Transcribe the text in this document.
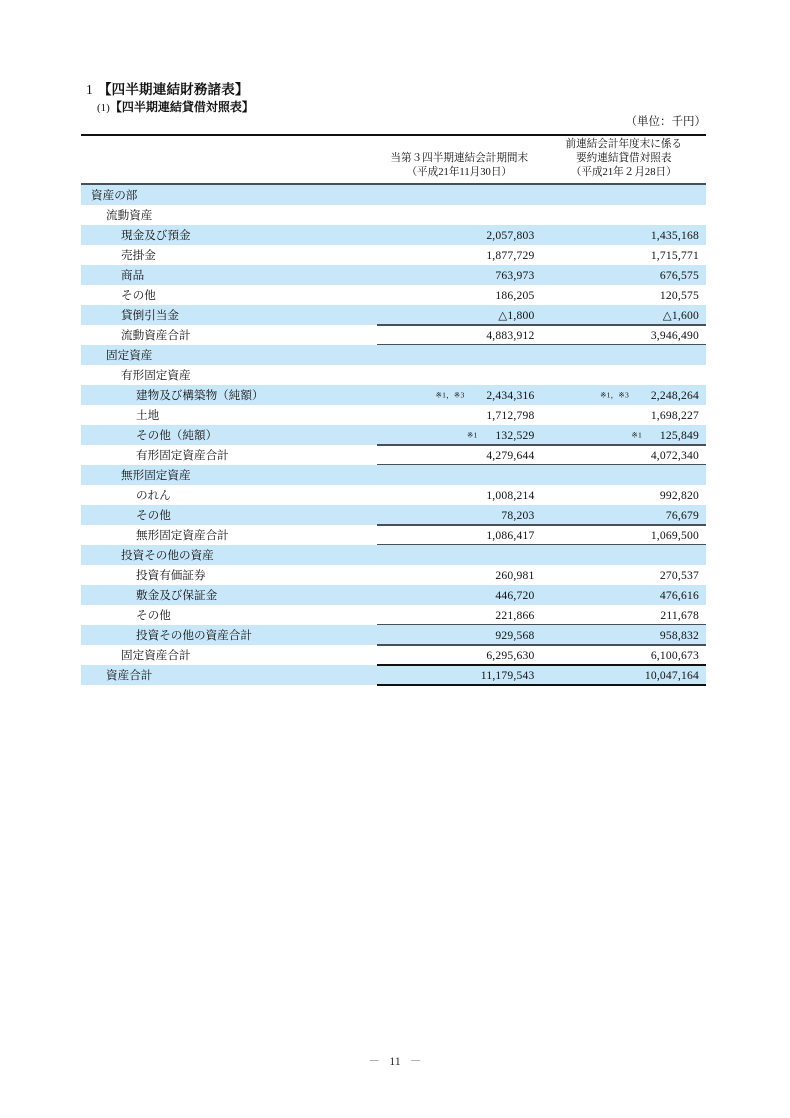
1 【四半期連結財務諸表】
(1)【四半期連結貸借対照表】
（単位：千円）
当第３四半期連結会計期間末
（平成21年11月30日）
前連結会計年度末に係る
要約連結貸借対照表
（平成21年２月28日）
資産の部
流動資産
現金及び預金	2,057,803	1,435,168
売掛金	1,877,729	1,715,771
商品	763,973	676,575
その他	186,205	120,575
貸倒引当金	△1,800	△1,600
流動資産合計	4,883,912	3,946,490
固定資産
有形固定資産
建物及び構築物（純額）	※1，※3 2,434,316	※1，※3 2,248,264
土地	1,712,798	1,698,227
その他（純額）	※1 132,529	※1 125,849
有形固定資産合計	4,279,644	4,072,340
無形固定資産
のれん	1,008,214	992,820
その他	78,203	76,679
無形固定資産合計	1,086,417	1,069,500
投資その他の資産
投資有価証券	260,981	270,537
敷金及び保証金	446,720	476,616
その他	221,866	211,678
投資その他の資産合計	929,568	958,832
固定資産合計	6,295,630	6,100,673
資産合計	11,179,543	10,047,164
－ 11 －
